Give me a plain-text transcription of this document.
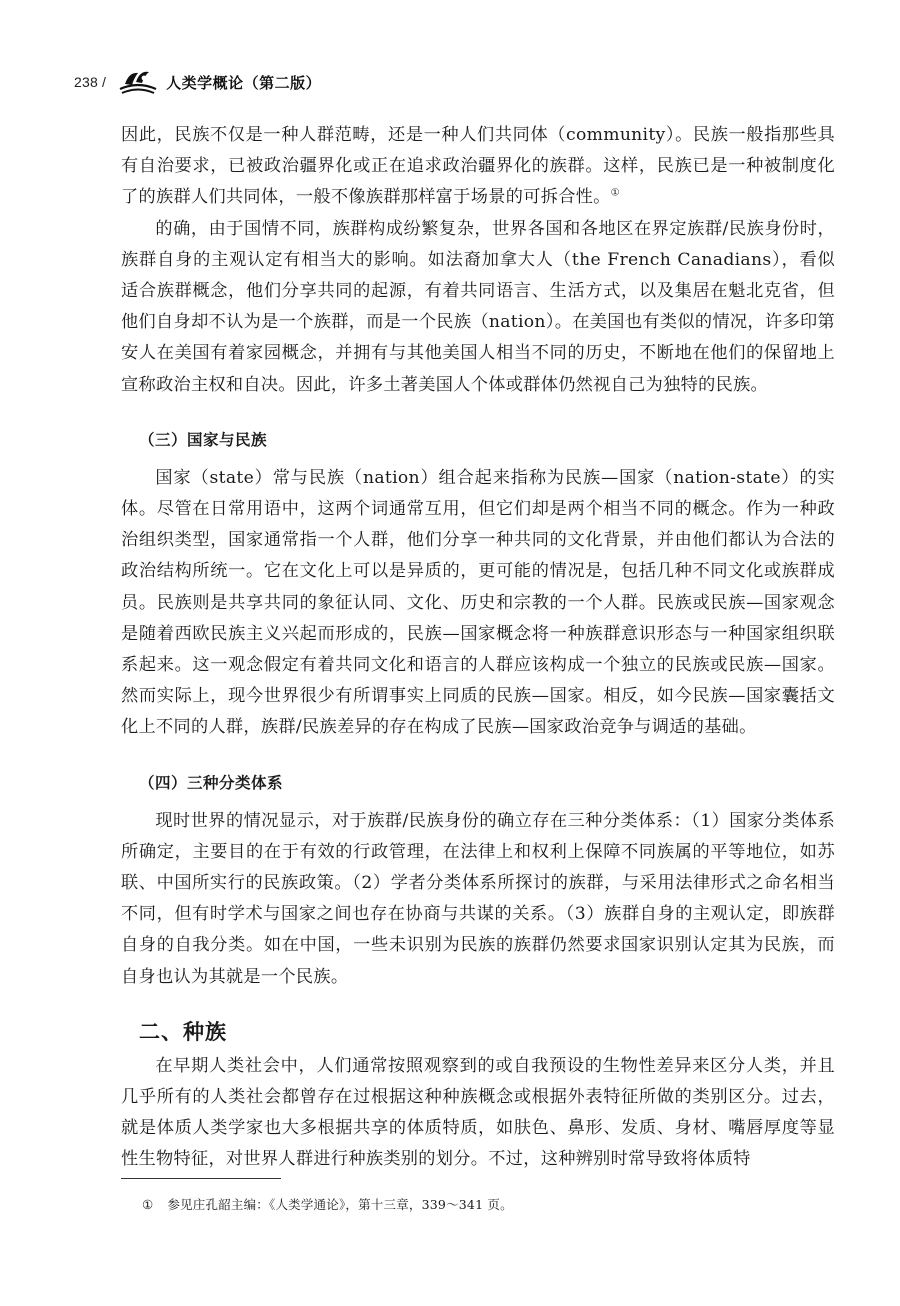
238 /	人类学概论（第二版）

因此，民族不仅是一种人群范畴，还是一种人们共同体（community）。民族一般指那些具有自治要求，已被政治疆界化或正在追求政治疆界化的族群。这样，民族已是一种被制度化了的族群人们共同体，一般不像族群那样富于场景的可拆合性。①

的确，由于国情不同，族群构成纷繁复杂，世界各国和各地区在界定族群/民族身份时，族群自身的主观认定有相当大的影响。如法裔加拿大人（the French Canadians），看似适合族群概念，他们分享共同的起源，有着共同语言、生活方式，以及集居在魁北克省，但他们自身却不认为是一个族群，而是一个民族（nation）。在美国也有类似的情况，许多印第安人在美国有着家园概念，并拥有与其他美国人相当不同的历史，不断地在他们的保留地上宣称政治主权和自决。因此，许多土著美国人个体或群体仍然视自己为独特的民族。

（三）国家与民族

国家（state）常与民族（nation）组合起来指称为民族—国家（nation-state）的实体。尽管在日常用语中，这两个词通常互用，但它们却是两个相当不同的概念。作为一种政治组织类型，国家通常指一个人群，他们分享一种共同的文化背景，并由他们都认为合法的政治结构所统一。它在文化上可以是异质的，更可能的情况是，包括几种不同文化或族群成员。民族则是共享共同的象征认同、文化、历史和宗教的一个人群。民族或民族—国家观念是随着西欧民族主义兴起而形成的，民族—国家概念将一种族群意识形态与一种国家组织联系起来。这一观念假定有着共同文化和语言的人群应该构成一个独立的民族或民族—国家。然而实际上，现今世界很少有所谓事实上同质的民族—国家。相反，如今民族—国家囊括文化上不同的人群，族群/民族差异的存在构成了民族—国家政治竞争与调适的基础。

（四）三种分类体系

现时世界的情况显示，对于族群/民族身份的确立存在三种分类体系：（1）国家分类体系所确定，主要目的在于有效的行政管理，在法律上和权利上保障不同族属的平等地位，如苏联、中国所实行的民族政策。（2）学者分类体系所探讨的族群，与采用法律形式之命名相当不同，但有时学术与国家之间也存在协商与共谋的关系。（3）族群自身的主观认定，即族群自身的自我分类。如在中国，一些未识别为民族的族群仍然要求国家识别认定其为民族，而自身也认为其就是一个民族。

二、种族

在早期人类社会中，人们通常按照观察到的或自我预设的生物性差异来区分人类，并且几乎所有的人类社会都曾存在过根据这种种族概念或根据外表特征所做的类别区分。过去，就是体质人类学家也大多根据共享的体质特质，如肤色、鼻形、发质、身材、嘴唇厚度等显性生物特征，对世界人群进行种族类别的划分。不过，这种辨别时常导致将体质特

① 参见庄孔韶主编：《人类学通论》，第十三章，339～341 页。
